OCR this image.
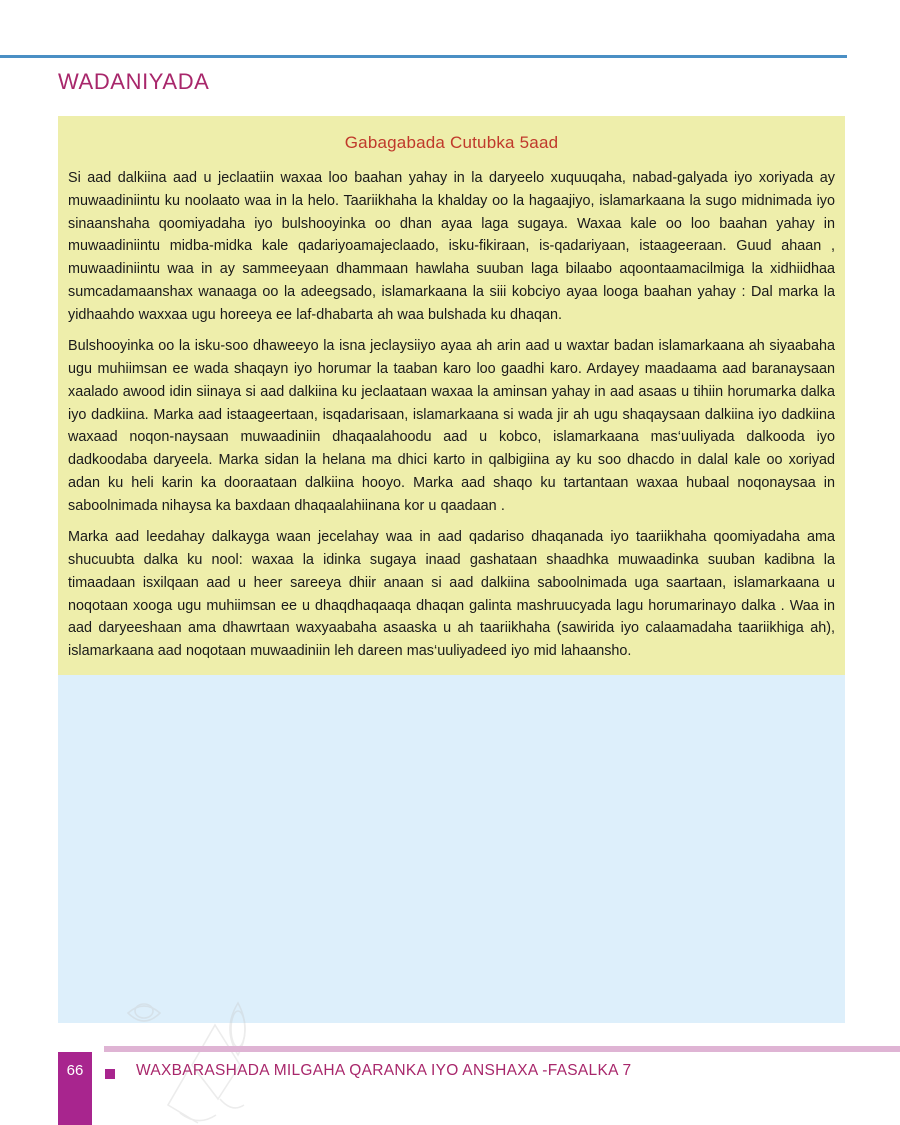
WADANIYADA
Gabagabada Cutubka 5aad

Si aad dalkiina aad u jeclaatiin waxaa loo baahan yahay in la daryeelo xuquuqaha, nabad-galyada iyo xoriyada ay muwaadiniintu ku noolaato waa in la helo. Taariikhaha la khalday oo la hagaajiyo, islamarkaana la sugo midnimada iyo sinaanshaha qoomiyadaha iyo bulshooyinka oo dhan ayaa laga sugaya. Waxaa kale oo loo baahan yahay in muwaadiniintu midba-midka kale qadariyoamajeclaado, isku-fikiraan, is-qadariyaan, istaageeraan. Guud ahaan , muwaadiniintu waa in ay sammeeyaan dhammaan hawlaha suuban laga bilaabo aqoontaamacilmiga la xidhiidhaa sumcadamaanshax wanaaga oo la adeegsado, islamarkaana la siii kobciyo ayaa looga baahan yahay : Dal marka la yidhaahdo waxxaa ugu horeeya ee laf-dhabarta ah waa bulshada ku dhaqan.

Bulshooyinka oo la isku-soo dhaweeyo la isna jeclaysiiyo ayaa ah arin aad u waxtar badan islamarkaana ah siyaabaha ugu muhiimsan ee wada shaqayn iyo horumar la taaban karo loo gaadhi karo. Ardayey maadaama aad baranaysaan xaalado awood idin siinaya si aad dalkiina ku jeclaataan waxaa la aminsan yahay in aad asaas u tihiin horumarka dalka iyo dadkiina. Marka aad istaageertaan, isqadarisaan, islamarkaana si wada jir ah ugu shaqaysaan dalkiina iyo dadkiina waxaad noqon-naysaan muwaadiniin dhaqaalahoodu aad u kobco, islamarkaana mas‘uuliyada dalkooda iyo dadkoodaba daryeela. Marka sidan la helana ma dhici karto in qalbigiina ay ku soo dhacdo in dalal kale oo xoriyad adan ku heli karin ka dooraataan dalkiina hooyo. Marka aad shaqo ku tartantaan waxaa hubaal noqonaysaa in saboolnimada nihaysa ka baxdaan dhaqaalahiinana kor u qaadaan .

Marka aad leedahay dalkayga waan jecelahay waa in aad qadariso dhaqanada iyo taariikhaha qoomiyadaha ama shucuubta dalka ku nool: waxaa la idinka sugaya inaad gashataan shaadhka muwaadinka suuban kadibna la timaadaan isxilqaan aad u heer sareeya dhiir anaan si aad dalkiina saboolnimada uga saartaan, islamarkaana u noqotaan xooga ugu muhiimsan ee u dhaqdhaqaaqa dhaqan galinta mashruucyada lagu horumarinayo dalka . Waa in aad daryeeshaan ama dhawrtaan waxyaabaha asaaska u ah taariikhaha (sawirida iyo calaamadaha taariikhiga ah), islamarkaana aad noqotaan muwaadiniin leh dareen mas‘uuliyadeed iyo mid lahaansho.

66	WAXBARASHADA MILGAHA QARANKA IYO ANSHAXA -FASALKA 7
